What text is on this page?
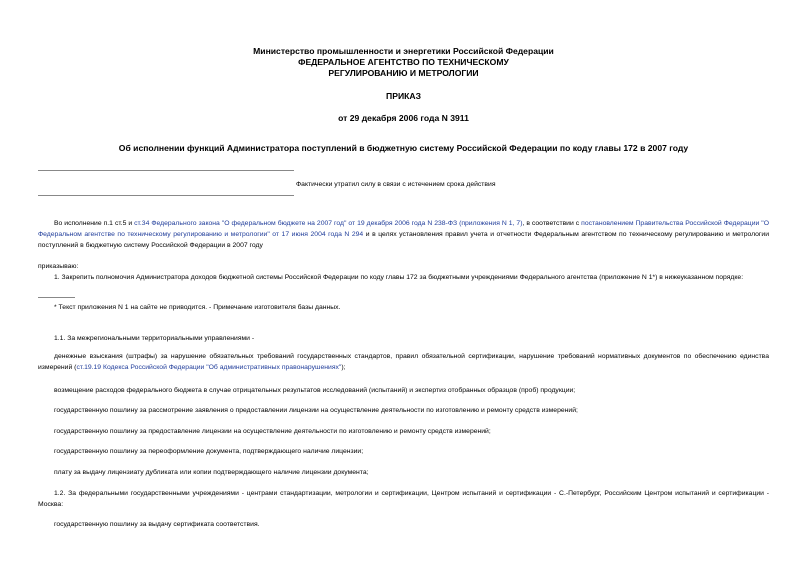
Министерство промышленности и энергетики Российской Федерации
ФЕДЕРАЛЬНОЕ АГЕНТСТВО ПО ТЕХНИЧЕСКОМУ
РЕГУЛИРОВАНИЮ И МЕТРОЛОГИИ
ПРИКАЗ
от 29 декабря 2006 года N 3911
Об исполнении функций Администратора поступлений в бюджетную систему Российской Федерации по коду главы 172 в 2007 году
Фактически утратил силу в связи с истечением срока действия
Во исполнение п.1 ст.5 и ст.34 Федерального закона "О федеральном бюджете на 2007 год" от 19 декабря 2006 года N 238-ФЗ (приложения N 1, 7), в соответствии с постановлением Правительства Российской Федерации "О Федеральном агентстве по техническому регулированию и метрологии" от 17 июня 2004 года N 294 и в целях установления правил учета и отчетности Федеральным агентством по техническому регулированию и метрологии поступлений в бюджетную систему Российской Федерации в 2007 году
приказываю:
1. Закрепить полномочия Администратора доходов бюджетной системы Российской Федерации по коду главы 172 за бюджетными учреждениями Федерального агентства (приложение N 1*) в нижеуказанном порядке:
* Текст приложения N 1 на сайте не приводится. - Примечание изготовителя базы данных.
1.1. За межрегиональными территориальными управлениями -
денежные взыскания (штрафы) за нарушение обязательных требований государственных стандартов, правил обязательной сертификации, нарушение требований нормативных документов по обеспечению единства измерений (ст.19.19 Кодекса Российской Федерации "Об административных правонарушениях");
возмещение расходов федерального бюджета в случае отрицательных результатов исследований (испытаний) и экспертиз отобранных образцов (проб) продукции;
государственную пошлину за рассмотрение заявления о предоставлении лицензии на осуществление деятельности по изготовлению и ремонту средств измерений;
государственную пошлину за предоставление лицензии на осуществление деятельности по изготовлению и ремонту средств измерений;
государственную пошлину за переоформление документа, подтверждающего наличие лицензии;
плату за выдачу лицензиату дубликата или копии подтверждающего наличие лицензии документа;
1.2. За федеральными государственными учреждениями - центрами стандартизации, метрологии и сертификации, Центром испытаний и сертификации - С.-Петербург, Российским Центром испытаний и сертификации - Москва:
государственную пошлину за выдачу сертификата соответствия.
